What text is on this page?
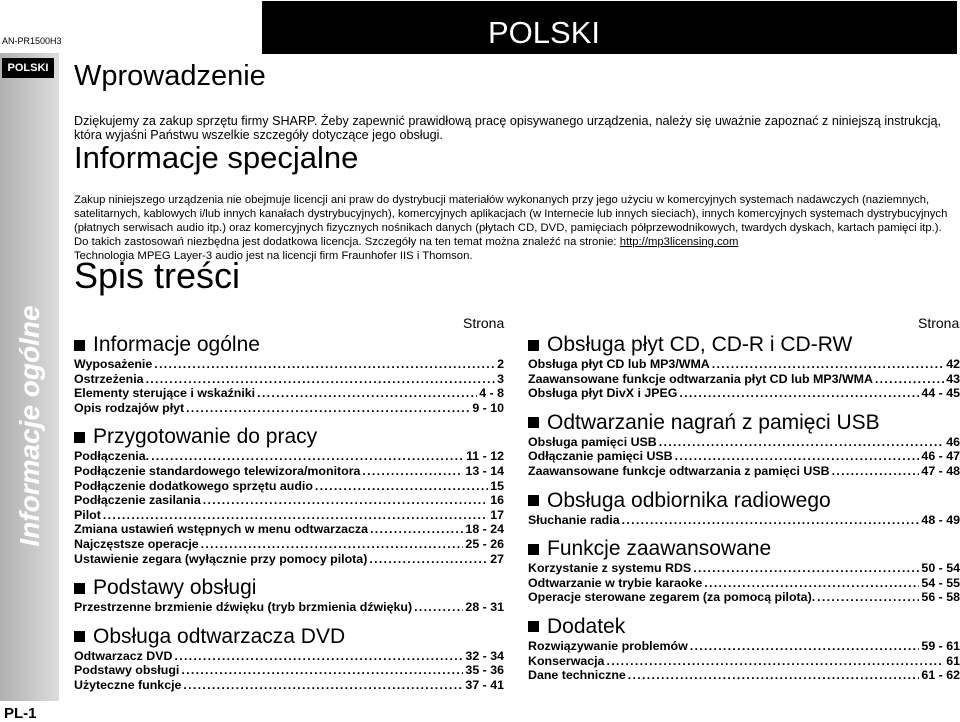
AN-PR1500H3	POLSKI
Informacje ogólne
POLSKI
PL-1
Wprowadzenie

Dziękujemy za zakup sprzętu firmy SHARP. Żeby zapewnić prawidłową pracę opisywanego urządzenia, należy się uważnie zapoznać z niniejszą instrukcją, która wyjaśni Państwu wszelkie szczegóły dotyczące jego obsługi.

Informacje specjalne

Zakup niniejszego urządzenia nie obejmuje licencji ani praw do dystrybucji materiałów wykonanych przy jego użyciu w komercyjnych systemach nadawczych (naziemnych, satelitarnych, kablowych i/lub innych kanałach dystrybucyjnych), komercyjnych aplikacjach (w Internecie lub innych sieciach), innych komercyjnych systemach dystrybucyjnych (płatnych serwisach audio itp.) oraz komercyjnych fizycznych nośnikach danych (płytach CD, DVD, pamięciach półprzewodnikowych, twardych dyskach, kartach pamięci itp.).

Do takich zastosowań niezbędna jest dodatkowa licencja. Szczegóły na ten temat można znaleźć na stronie: http://mp3licensing.com

Technologia MPEG Layer-3 audio jest na licencji firm Fraunhofer IIS i Thomson.

Spis treści
Strona	Strona
Informacje ogólne
Wyposażenie .....	2
Ostrzeżenia .....	3
Elementy sterujące i wskaźniki .....	4 - 8
Opis rodzajów płyt .....	9 - 10
Przygotowanie do pracy
Podłączenia. .....	11 - 12
Podłączenie standardowego telewizora/monitora .....	13 - 14
Podłączenie dodatkowego sprzętu audio .....	15
Podłączenie zasilania .....	16
Pilot .....	17
Zmiana ustawień wstępnych w menu odtwarzacza .....	18 - 24
Najczęstsze operacje .....	25 - 26
Ustawienie zegara (wyłącznie przy pomocy pilota) .....	27
Podstawy obsługi
Przestrzenne brzmienie dźwięku (tryb brzmienia dźwięku) .....	28 - 31
Obsługa odtwarzacza DVD
Odtwarzacz DVD .....	32 - 34
Podstawy obsługi .....	35 - 36
Użyteczne funkcje .....	37 - 41
Obsługa płyt CD, CD-R i CD-RW
Obsługa płyt CD lub MP3/WMA .....	42
Zaawansowane funkcje odtwarzania płyt CD lub MP3/WMA .....	43
Obsługa płyt DivX i JPEG .....	44 - 45
Odtwarzanie nagrań z pamięci USB
Obsługa pamięci USB .....	46
Odłączanie pamięci USB .....	46 - 47
Zaawansowane funkcje odtwarzania z pamięci USB .....	47 - 48
Obsługa odbiornika radiowego
Słuchanie radia .....	48 - 49
Funkcje zaawansowane
Korzystanie z systemu RDS .....	50 - 54
Odtwarzanie w trybie karaoke .....	54 - 55
Operacje sterowane zegarem (za pomocą pilota). .....	56 - 58
Dodatek
Rozwiązywanie problemów .....	59 - 61
Konserwacja .....	61
Dane techniczne .....	61 - 62
